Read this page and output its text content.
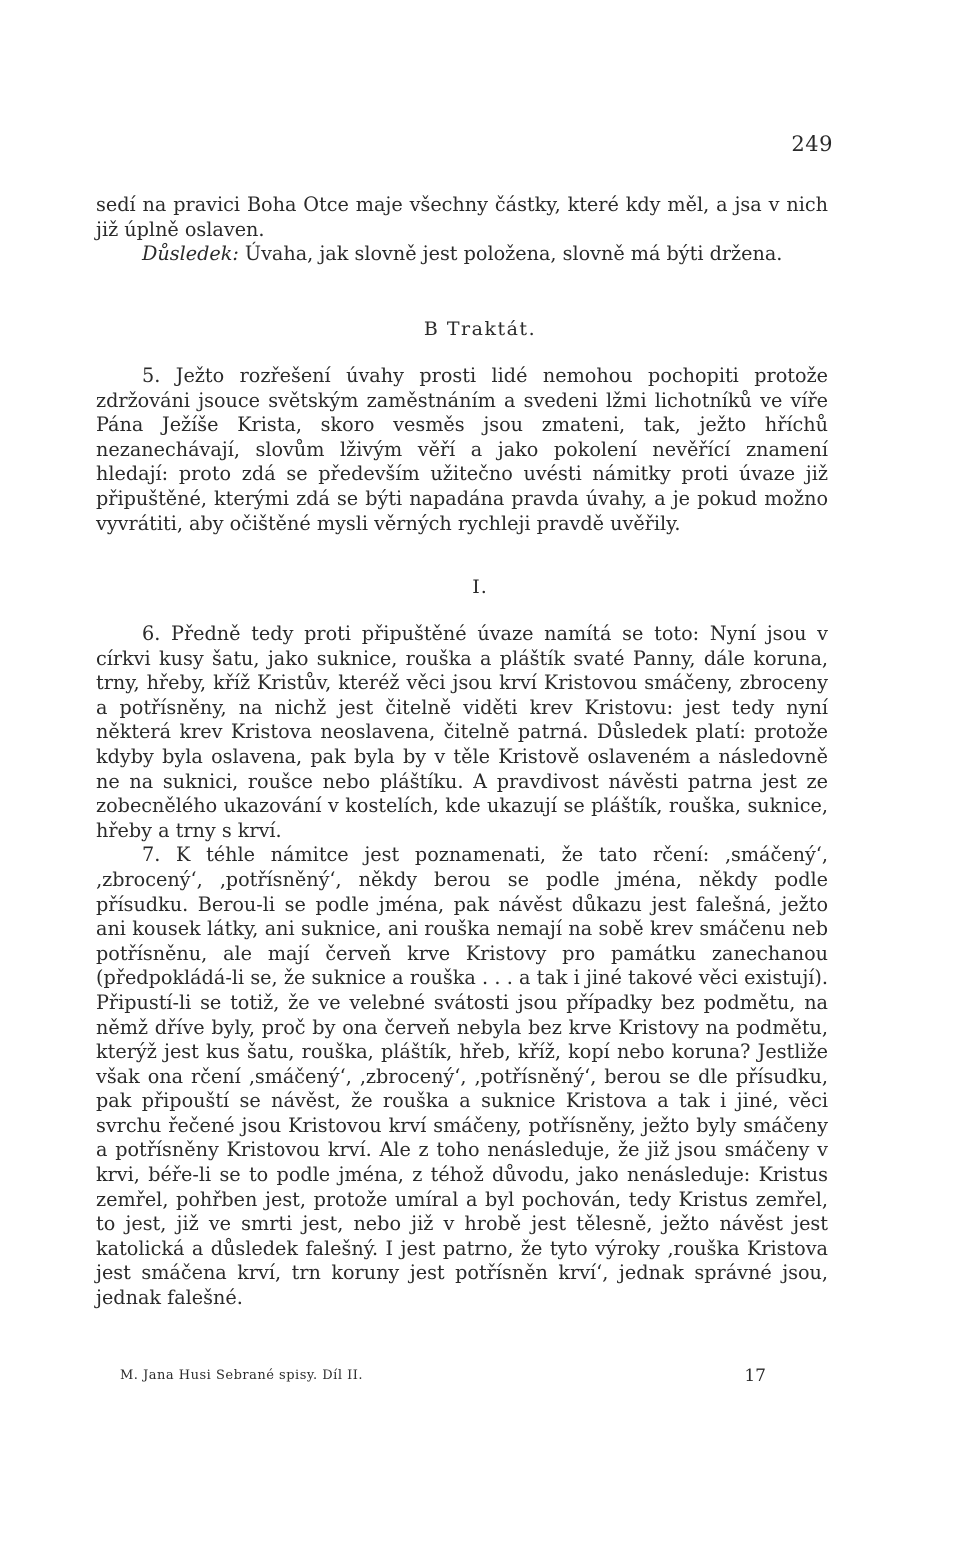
249

sedí na pravici Boha Otce maje všechny částky, které kdy měl, a jsa v nich již úplně oslaven.

Důsledek: Úvaha, jak slovně jest položena, slovně má býti držena.

B Traktát.

5. Ježto rozřešení úvahy prosti lidé nemohou pochopiti protože zdržováni jsouce světským zaměstnáním a svedeni lžmi lichotníků ve víře Pána Ježíše Krista, skoro vesměs jsou zmateni, tak, ježto hříchů nezanechávají, slovům lživým věří a jako pokolení nevěřící znamení hledají: proto zdá se především užitečno uvésti námitky proti úvaze již připuštěné, kterými zdá se býti napadána pravda úvahy, a je pokud možno vyvrátiti, aby očištěné mysli věrných rychleji pravdě uvěřily.

I.

6. Předně tedy proti připuštěné úvaze namítá se toto: Nyní jsou v církvi kusy šatu, jako suknice, rouška a pláštík svaté Panny, dále koruna, trny, hřeby, kříž Kristův, kteréž věci jsou krví Kristovou smáčeny, zbroceny a potřísněny, na nichž jest čitelně viděti krev Kristovu: jest tedy nyní některá krev Kristova neoslavena, čitelně patrná. Důsledek platí: protože kdyby byla oslavena, pak byla by v těle Kristově oslaveném a následovně ne na suknici, roušce nebo pláštíku. A pravdivost návěsti patrna jest ze zobecnělého ukazování v kostelích, kde ukazují se pláštík, rouška, suknice, hřeby a trny s krví.

7. K téhle námitce jest poznamenati, že tato rčení: ‚smáčený‘, ‚zbrocený‘, ‚potřísněný‘, někdy berou se podle jména, někdy podle přísudku. Berou-li se podle jména, pak návěst důkazu jest falešná, ježto ani kousek látky, ani suknice, ani rouška nemají na sobě krev smáčenu neb potřísněnu, ale mají červeň krve Kristovy pro památku zanechanou (předpokládá-li se, že suknice a rouška . . . a tak i jiné takové věci existují). Připustí-li se totiž, že ve velebné svátosti jsou případky bez podmětu, na němž dříve byly, proč by ona červeň nebyla bez krve Kristovy na podmětu, kterýž jest kus šatu, rouška, pláštík, hřeb, kříž, kopí nebo koruna? Jestliže však ona rčení ‚smáčený‘, ‚zbrocený‘, ‚potřísněný‘, berou se dle přísudku, pak připouští se návěst, že rouška a suknice Kristova a tak i jiné, věci svrchu řečené jsou Kristovou krví smáčeny, potřísněny, ježto byly smáčeny a potřísněny Kristovou krví. Ale z toho nenásleduje, že již jsou smáčeny v krvi, béře-li se to podle jména, z téhož důvodu, jako nenásleduje: Kristus zemřel, pohřben jest, protože umíral a byl pochován, tedy Kristus zemřel, to jest, již ve smrti jest, nebo již v hrobě jest tělesně, ježto návěst jest katolická a důsledek falešný. I jest patrno, že tyto výroky ‚rouška Kristova jest smáčena krví, trn koruny jest potřísněn krví‘, jednak správné jsou, jednak falešné.

M. Jana Husi Sebrané spisy. Díl II.	17
